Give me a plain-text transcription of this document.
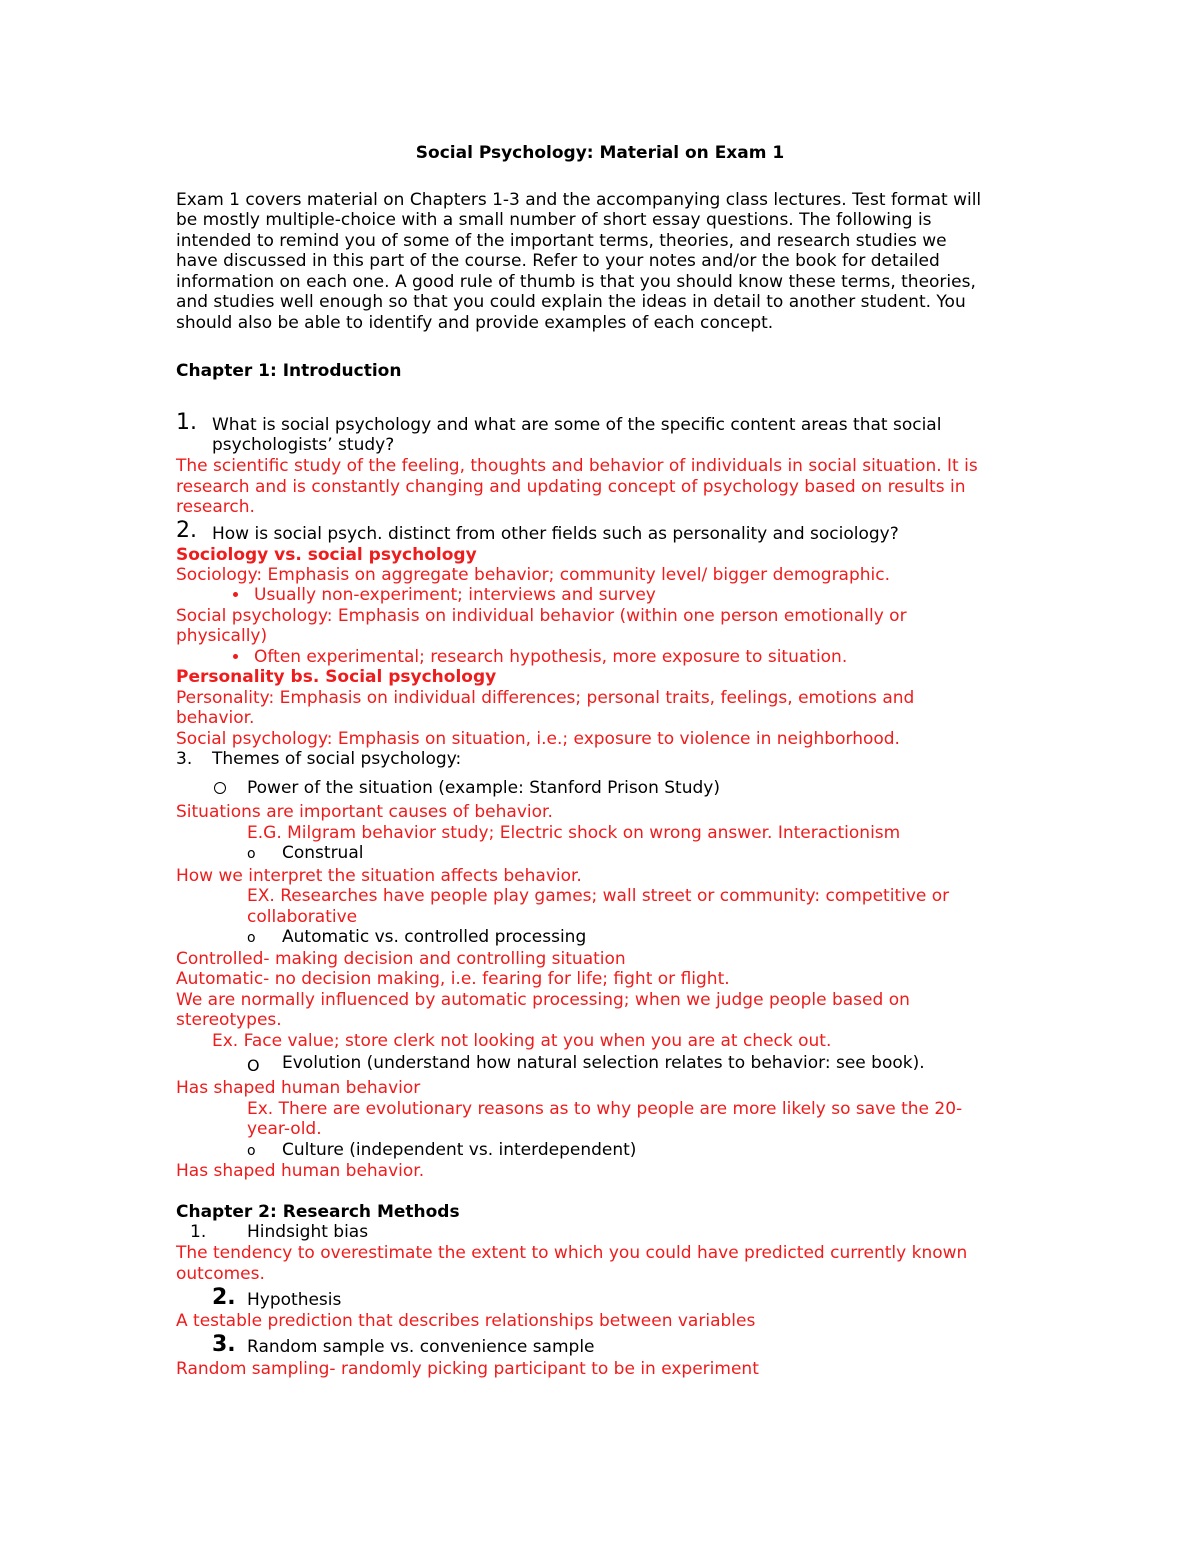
Social Psychology: Material on Exam 1
Exam 1 covers material on Chapters 1-3 and the accompanying class lectures. Test format will
be mostly multiple-choice with a small number of short essay questions. The following is
intended to remind you of some of the important terms, theories, and research studies we
have discussed in this part of the course. Refer to your notes and/or the book for detailed
information on each one. A good rule of thumb is that you should know these terms, theories,
and studies well enough so that you could explain the ideas in detail to another student. You
should also be able to identify and provide examples of each concept.
Chapter 1: Introduction
1. What is social psychology and what are some of the specific content areas that social
psychologists’ study?
The scientific study of the feeling, thoughts and behavior of individuals in social situation. It is
research and is constantly changing and updating concept of psychology based on results in
research.
2. How is social psych. distinct from other fields such as personality and sociology?
Sociology vs. social psychology
Sociology: Emphasis on aggregate behavior; community level/ bigger demographic.
Usually non-experiment; interviews and survey
Social psychology: Emphasis on individual behavior (within one person emotionally or
physically)
Often experimental; research hypothesis, more exposure to situation.
Personality bs. Social psychology
Personality: Emphasis on individual differences; personal traits, feelings, emotions and
behavior.
Social psychology: Emphasis on situation, i.e.; exposure to violence in neighborhood.
3. Themes of social psychology:
Power of the situation (example: Stanford Prison Study)
Situations are important causes of behavior.
E.G. Milgram behavior study; Electric shock on wrong answer. Interactionism
o Construal
How we interpret the situation affects behavior.
EX. Researches have people play games; wall street or community: competitive or
collaborative
o Automatic vs. controlled processing
Controlled- making decision and controlling situation
Automatic- no decision making, i.e. fearing for life; fight or flight.
We are normally influenced by automatic processing; when we judge people based on
stereotypes.
Ex. Face value; store clerk not looking at you when you are at check out.
O Evolution (understand how natural selection relates to behavior: see book).
Has shaped human behavior
Ex. There are evolutionary reasons as to why people are more likely so save the 20-
year-old.
o Culture (independent vs. interdependent)
Has shaped human behavior.
Chapter 2: Research Methods
1. Hindsight bias
The tendency to overestimate the extent to which you could have predicted currently known
outcomes.
2. Hypothesis
A testable prediction that describes relationships between variables
3. Random sample vs. convenience sample
Random sampling- randomly picking participant to be in experiment
